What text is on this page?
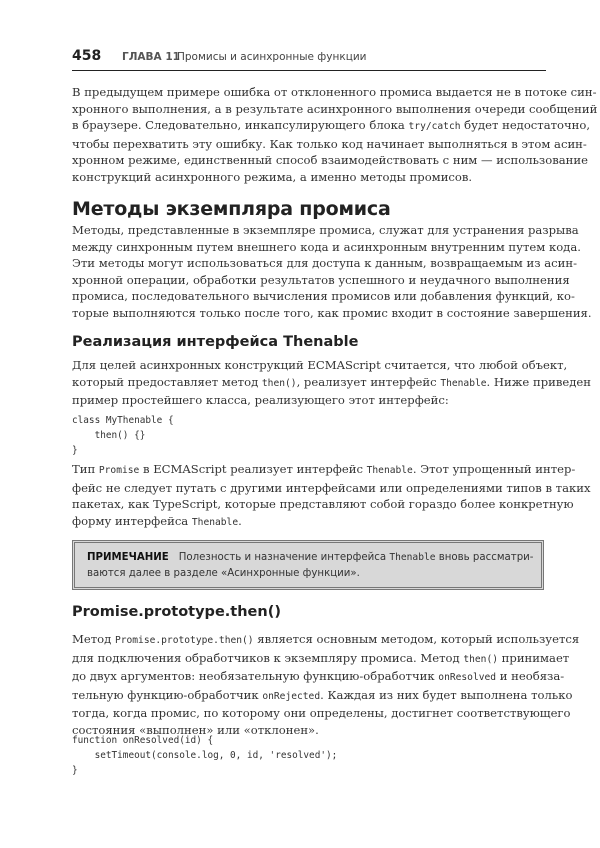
458 ГЛАВА 11
Промисы и асинхронные функции
В предыдущем примере ошибка от отклоненного промиса выдается не в потоке син-
хронного выполнения, а в результате асинхронного выполнения очереди сообщений
в браузере. Следовательно, инкапсулирующего блока try/catch будет недостаточно,
чтобы перехватить эту ошибку. Как только код начинает выполняться в этом асин-
хронном режиме, единственный способ взаимодействовать с ним — использование
конструкций асинхронного режима, а именно методы промисов.
Методы экземпляра промиса
Методы, представленные в экземпляре промиса, служат для устранения разрыва
между синхронным путем внешнего кода и асинхронным внутренним путем кода.
Эти методы могут использоваться для доступа к данным, возвращаемым из асин-
хронной операции, обработки результатов успешного и неудачного выполнения
промиса, последовательного вычисления промисов или добавления функций, ко-
торые выполняются только после того, как промис входит в состояние завершения.
Реализация интерфейса Thenable
Для целей асинхронных конструкций ECMAScript считается, что любой объект,
который предоставляет метод then(), реализует интерфейс Thenable. Ниже приведен
пример простейшего класса, реализующего этот интерфейс:
class MyThenable {
then() {}
}
Тип Promise в ECMAScript реализует интерфейс Thenable. Этот упрощенный интер-
фейс не следует путать с другими интерфейсами или определениями типов в таких
пакетах, как TypeScript, которые представляют собой гораздо более конкретную
форму интерфейса Thenable.
ПРИМЕЧАНИЕ Полезность и назначение интерфейса Thenable вновь рассматри-
ваются далее в разделе «Асинхронные функции».
Promise.prototype.then()
Метод Promise.prototype.then() является основным методом, который используется
для подключения обработчиков к экземпляру промиса. Метод then() принимает
до двух аргументов: необязательную функцию-обработчик onResolved и необяза-
тельную функцию-обработчик onRejected. Каждая из них будет выполнена только
тогда, когда промис, по которому они определены, достигнет соответствующего
состояния «выполнен» или «отклонен».
function onResolved(id) {
setTimeout(console.log, 0, id, 'resolved');
}
